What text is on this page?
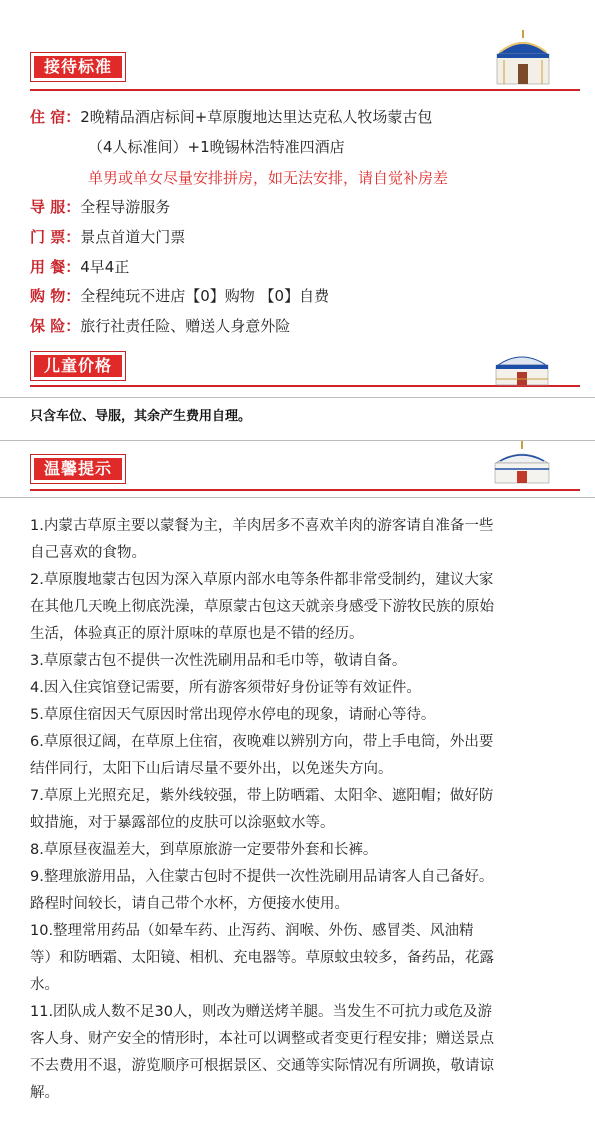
接待标准
住 宿：2晚精品酒店标间+草原腹地达里达克私人牧场蒙古包
（4人标准间）+1晚锡林浩特准四酒店
单男或单女尽量安排拼房，如无法安排，请自觉补房差
导 服：全程导游服务
门 票：景点首道大门票
用 餐：4早4正
购 物：全程纯玩不进店【0】购物 【0】自费
保 险：旅行社责任险、赠送人身意外险
儿童价格
只含车位、导服，其余产生费用自理。
温馨提示
1.内蒙古草原主要以蒙餐为主，羊肉居多不喜欢羊肉的游客请自准备一些
自己喜欢的食物。
2.草原腹地蒙古包因为深入草原内部水电等条件都非常受制约，建议大家
在其他几天晚上彻底洗澡，草原蒙古包这天就亲身感受下游牧民族的原始
生活，体验真正的原汁原味的草原也是不错的经历。
3.草原蒙古包不提供一次性洗刷用品和毛巾等，敬请自备。
4.因入住宾馆登记需要，所有游客须带好身份证等有效证件。
5.草原住宿因天气原因时常出现停水停电的现象，请耐心等待。
6.草原很辽阔，在草原上住宿，夜晚难以辨别方向，带上手电筒，外出要
结伴同行，太阳下山后请尽量不要外出，以免迷失方向。
7.草原上光照充足，紫外线较强，带上防晒霜、太阳伞、遮阳帽；做好防
蚊措施，对于暴露部位的皮肤可以涂驱蚊水等。
8.草原昼夜温差大，到草原旅游一定要带外套和长裤。
9.整理旅游用品，入住蒙古包时不提供一次性洗刷用品请客人自己备好。
路程时间较长，请自己带个水杯，方便接水使用。
10.整理常用药品（如晕车药、止泻药、润喉、外伤、感冒类、风油精
等）和防晒霜、太阳镜、相机、充电器等。草原蚊虫较多，备药品，花露
水。
11.团队成人数不足30人，则改为赠送烤羊腿。当发生不可抗力或危及游
客人身、财产安全的情形时，本社可以调整或者变更行程安排；赠送景点
不去费用不退，游览顺序可根据景区、交通等实际情况有所调换，敬请谅
解。
